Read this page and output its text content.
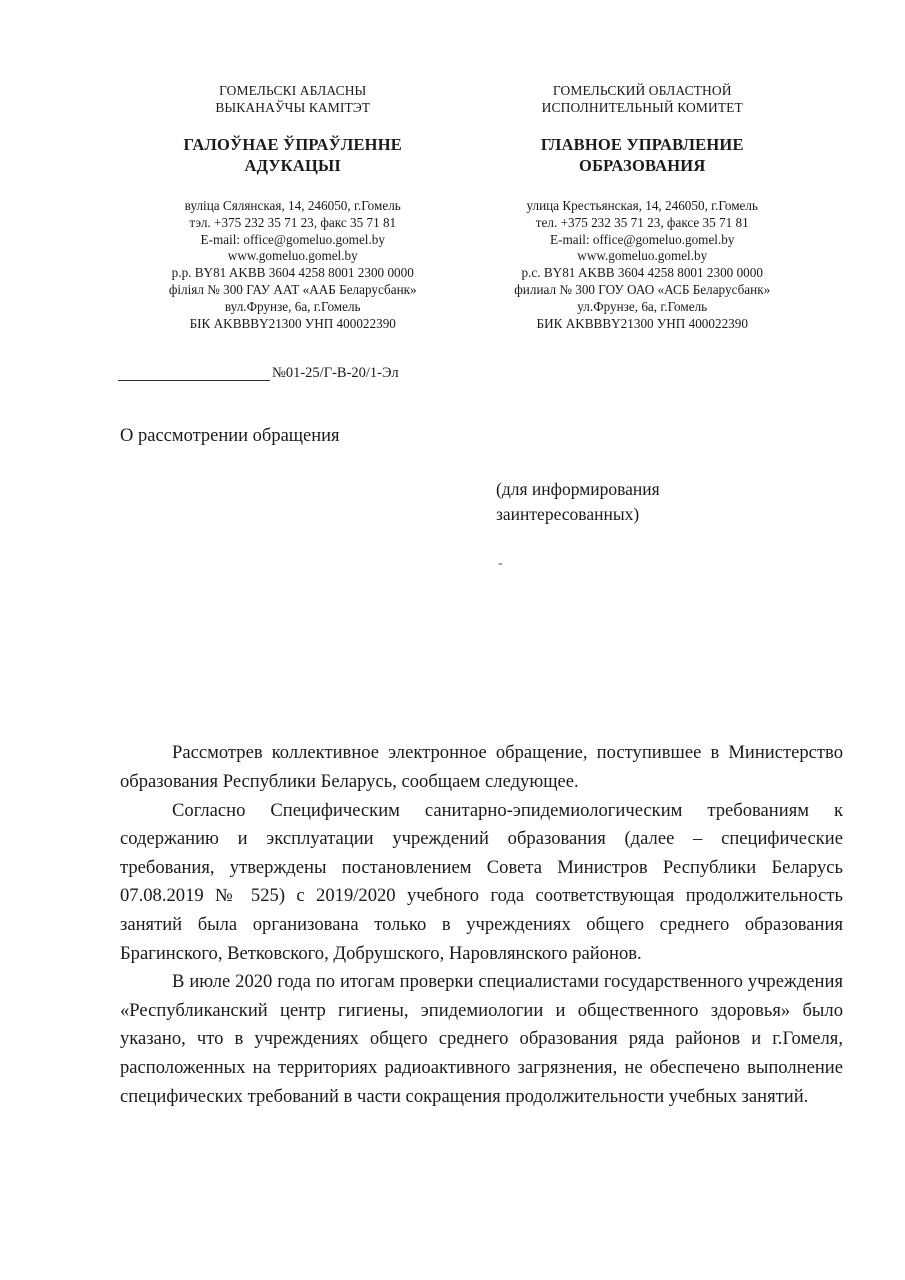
ГОМЕЛЬСКІ АБЛАСНЫ
ВЫКАНАЎЧЫ КАМІТЭТ
ГАЛОЎНАЕ ЎПРАЎЛЕННЕ
АДУКАЦЫІ
вуліца Сялянская, 14, 246050, г.Гомель
тэл. +375 232 35 71 23, факс 35 71 81
E-mail: office@gomeluo.gomel.by
www.gomeluo.gomel.by
р.р. BY81 AKBB 3604 4258 8001 2300 0000
філіял № 300 ГАУ ААТ «ААБ Беларусбанк»
вул.Фрунзе, 6а, г.Гомель
БІК AKBBBY21300 УНП 400022390
ГОМЕЛЬСКИЙ ОБЛАСТНОЙ
ИСПОЛНИТЕЛЬНЫЙ КОМИТЕТ
ГЛАВНОЕ УПРАВЛЕНИЕ
ОБРАЗОВАНИЯ
улица Крестьянская, 14, 246050, г.Гомель
тел. +375 232 35 71 23, факсе 35 71 81
E-mail: office@gomeluo.gomel.by
www.gomeluo.gomel.by
р.с. BY81 AKBB 3604 4258 8001 2300 0000
филиал № 300 ГОУ ОАО «АСБ Беларусбанк»
ул.Фрунзе, 6а, г.Гомель
БИК AKBBBY21300 УНП 400022390
№01-25/Г-В-20/1-Эл
О рассмотрении обращения
(для информирования
заинтересованных)
-

Рассмотрев коллективное электронное обращение, поступившее в Министерство образования Республики Беларусь, сообщаем следующее.

Согласно Специфическим санитарно-эпидемиологическим требованиям к содержанию и эксплуатации учреждений образования (далее – специфические требования, утверждены постановлением Совета Министров Республики Беларусь 07.08.2019 № 525) с 2019/2020 учебного года соответствующая продолжительность занятий была организована только в учреждениях общего среднего образования Брагинского, Ветковского, Добрушского, Наровлянского районов.

В июле 2020 года по итогам проверки специалистами государственного учреждения «Республиканский центр гигиены, эпидемиологии и общественного здоровья» было указано, что в учреждениях общего среднего образования ряда районов и г.Гомеля, расположенных на территориях радиоактивного загрязнения, не обеспечено выполнение специфических требований в части сокращения продолжительности учебных занятий.
